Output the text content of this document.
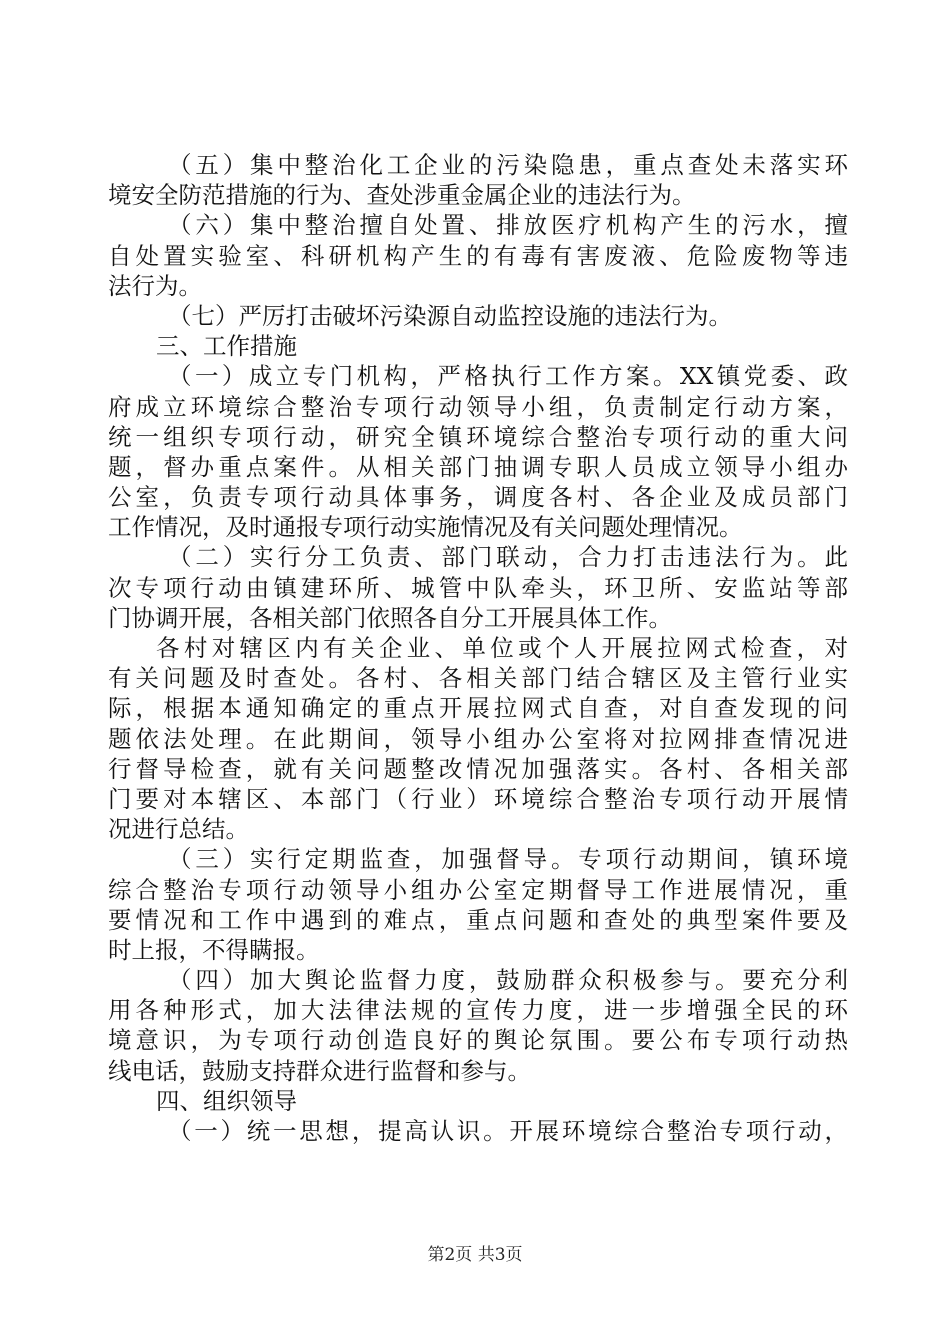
（五）集中整治化工企业的污染隐患，重点查处未落实环
境安全防范措施的行为、查处涉重金属企业的违法行为。
（六）集中整治擅自处置、排放医疗机构产生的污水，擅
自处置实验室、科研机构产生的有毒有害废液、危险废物等违
法行为。
（七）严厉打击破坏污染源自动监控设施的违法行为。
三、工作措施
（一）成立专门机构，严格执行工作方案。XX镇党委、政
府成立环境综合整治专项行动领导小组，负责制定行动方案，
统一组织专项行动，研究全镇环境综合整治专项行动的重大问
题，督办重点案件。从相关部门抽调专职人员成立领导小组办
公室，负责专项行动具体事务，调度各村、各企业及成员部门
工作情况，及时通报专项行动实施情况及有关问题处理情况。
（二）实行分工负责、部门联动，合力打击违法行为。此
次专项行动由镇建环所、城管中队牵头，环卫所、安监站等部
门协调开展，各相关部门依照各自分工开展具体工作。
各村对辖区内有关企业、单位或个人开展拉网式检查，对
有关问题及时查处。各村、各相关部门结合辖区及主管行业实
际，根据本通知确定的重点开展拉网式自查，对自查发现的问
题依法处理。在此期间，领导小组办公室将对拉网排查情况进
行督导检查，就有关问题整改情况加强落实。各村、各相关部
门要对本辖区、本部门（行业）环境综合整治专项行动开展情
况进行总结。
（三）实行定期监查，加强督导。专项行动期间，镇环境
综合整治专项行动领导小组办公室定期督导工作进展情况，重
要情况和工作中遇到的难点，重点问题和查处的典型案件要及
时上报，不得瞒报。
（四）加大舆论监督力度，鼓励群众积极参与。要充分利
用各种形式，加大法律法规的宣传力度，进一步增强全民的环
境意识，为专项行动创造良好的舆论氛围。要公布专项行动热
线电话，鼓励支持群众进行监督和参与。
四、组织领导
（一）统一思想，提高认识。开展环境综合整治专项行动，
第2页 共3页
